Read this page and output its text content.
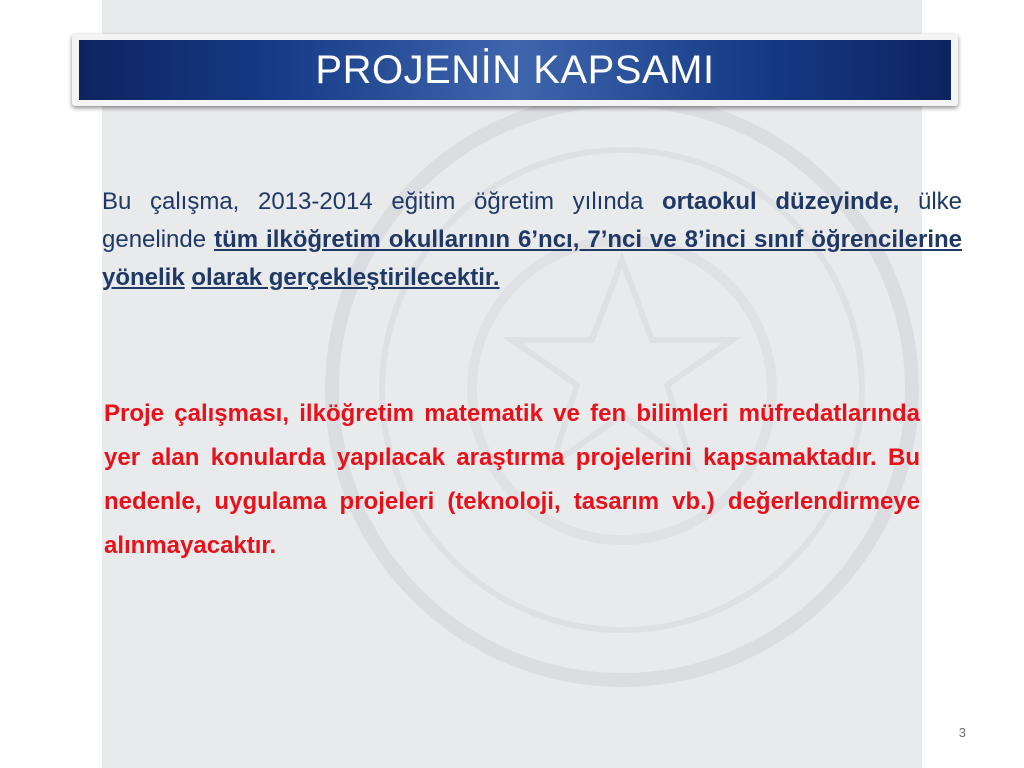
PROJENİN KAPSAMI
Bu çalışma, 2013-2014 eğitim öğretim yılında ortaokul düzeyinde, ülke genelinde tüm ilköğretim okullarının 6’ncı, 7’nci ve 8’inci sınıf öğrencilerine yönelik olarak gerçekleştirilecektir.
Proje çalışması, ilköğretim matematik ve fen bilimleri müfredatlarında yer alan konularda yapılacak araştırma projelerini kapsamaktadır. Bu nedenle, uygulama projeleri (teknoloji, tasarım vb.) değerlendirmeye alınmayacaktır.
3
